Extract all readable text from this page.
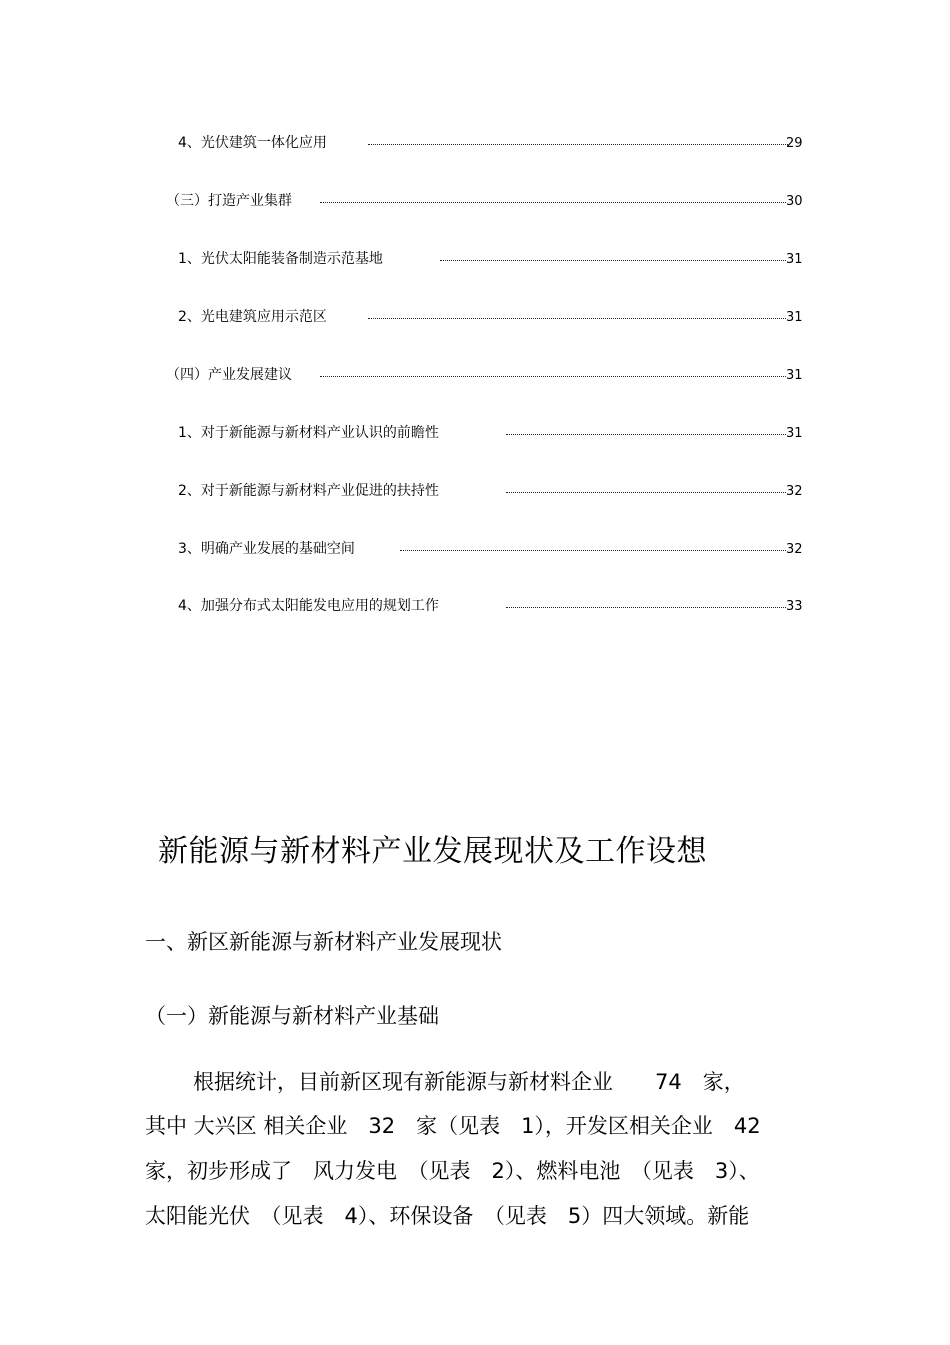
4、光伏建筑一体化应用	29
（三）打造产业集群	30
1、光伏太阳能装备制造示范基地	31
2、光电建筑应用示范区	31
（四）产业发展建议	31
1、对于新能源与新材料产业认识的前瞻性	31
2、对于新能源与新材料产业促进的扶持性	32
3、明确产业发展的基础空间	32
4、加强分布式太阳能发电应用的规划工作	33
新能源与新材料产业发展现状及工作设想
一、新区新能源与新材料产业发展现状
（一）新能源与新材料产业基础
根据统计，目前新区现有新能源与新材料企业　　74　家，
其中 大兴区 相关企业　32　家（见表　1），开发区相关企业　42
家，初步形成了　风力发电　（见表　2）、燃料电池　（见表　3）、
太阳能光伏　（见表　4）、环保设备　（见表　5）四大领域。新能
